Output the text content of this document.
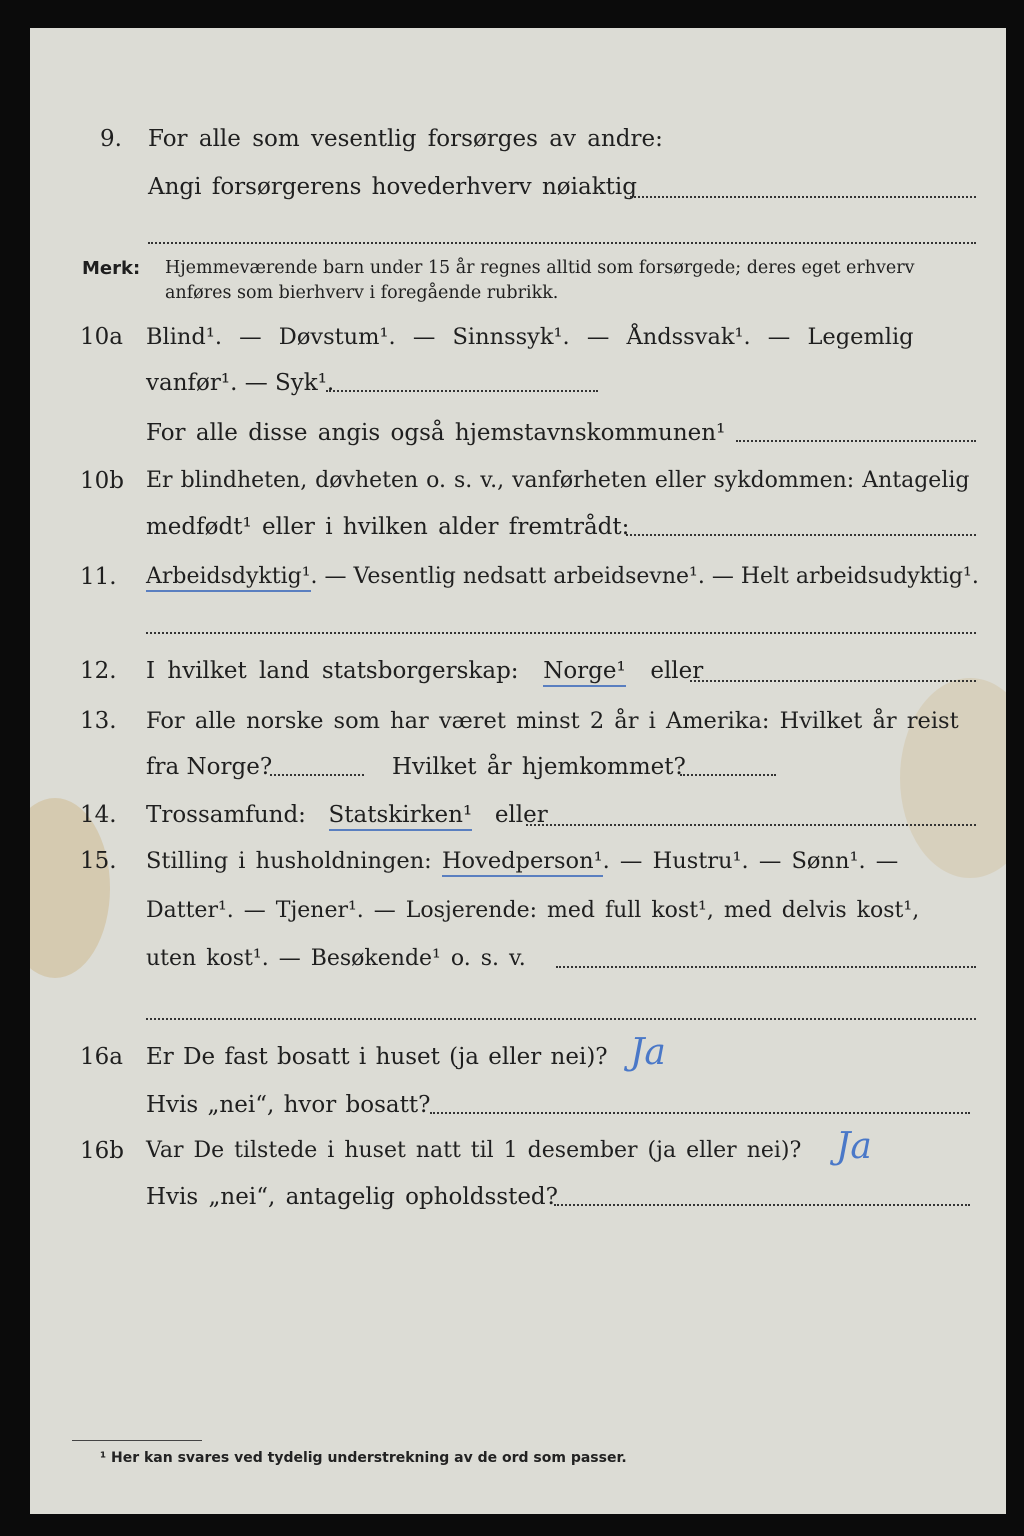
9. For alle som vesentlig forsørges av andre:
Angi forsørgerens hovederhverv nøiaktig
Merk: Hjemmeværende barn under 15 år regnes alltid som forsørgede; deres eget erhverv
anføres som bierhverv i foregående rubrikk.
10a Blind¹. — Døvstum¹. — Sinnssyk¹. — Åndssvak¹. — Legemlig
vanfør¹. — Syk¹.
For alle disse angis også hjemstavnskommunen¹
10b Er blindheten, døvheten o. s. v., vanførheten eller sykdommen: Antagelig
medfødt¹ eller i hvilken alder fremtrådt:
11. Arbeidsdyktig¹. — Vesentlig nedsatt arbeidsevne¹. — Helt arbeidsudyktig¹.
12. I hvilket land statsborgerskap: Norge¹ eller
13. For alle norske som har været minst 2 år i Amerika: Hvilket år reist
fra Norge?	Hvilket år hjemkommet?
14. Trossamfund: Statskirken¹ eller
15. Stilling i husholdningen: Hovedperson¹. — Hustru¹. — Sønn¹. —
Datter¹. — Tjener¹. — Losjerende: med full kost¹, med delvis kost¹,
uten kost¹. — Besøkende¹ o. s. v.
16a Er De fast bosatt i huset (ja eller nei)? Ja
Hvis „nei“, hvor bosatt?
16b Var De tilstede i huset natt til 1 desember (ja eller nei)? Ja
Hvis „nei“, antagelig opholdssted?
¹ Her kan svares ved tydelig understrekning av de ord som passer.
